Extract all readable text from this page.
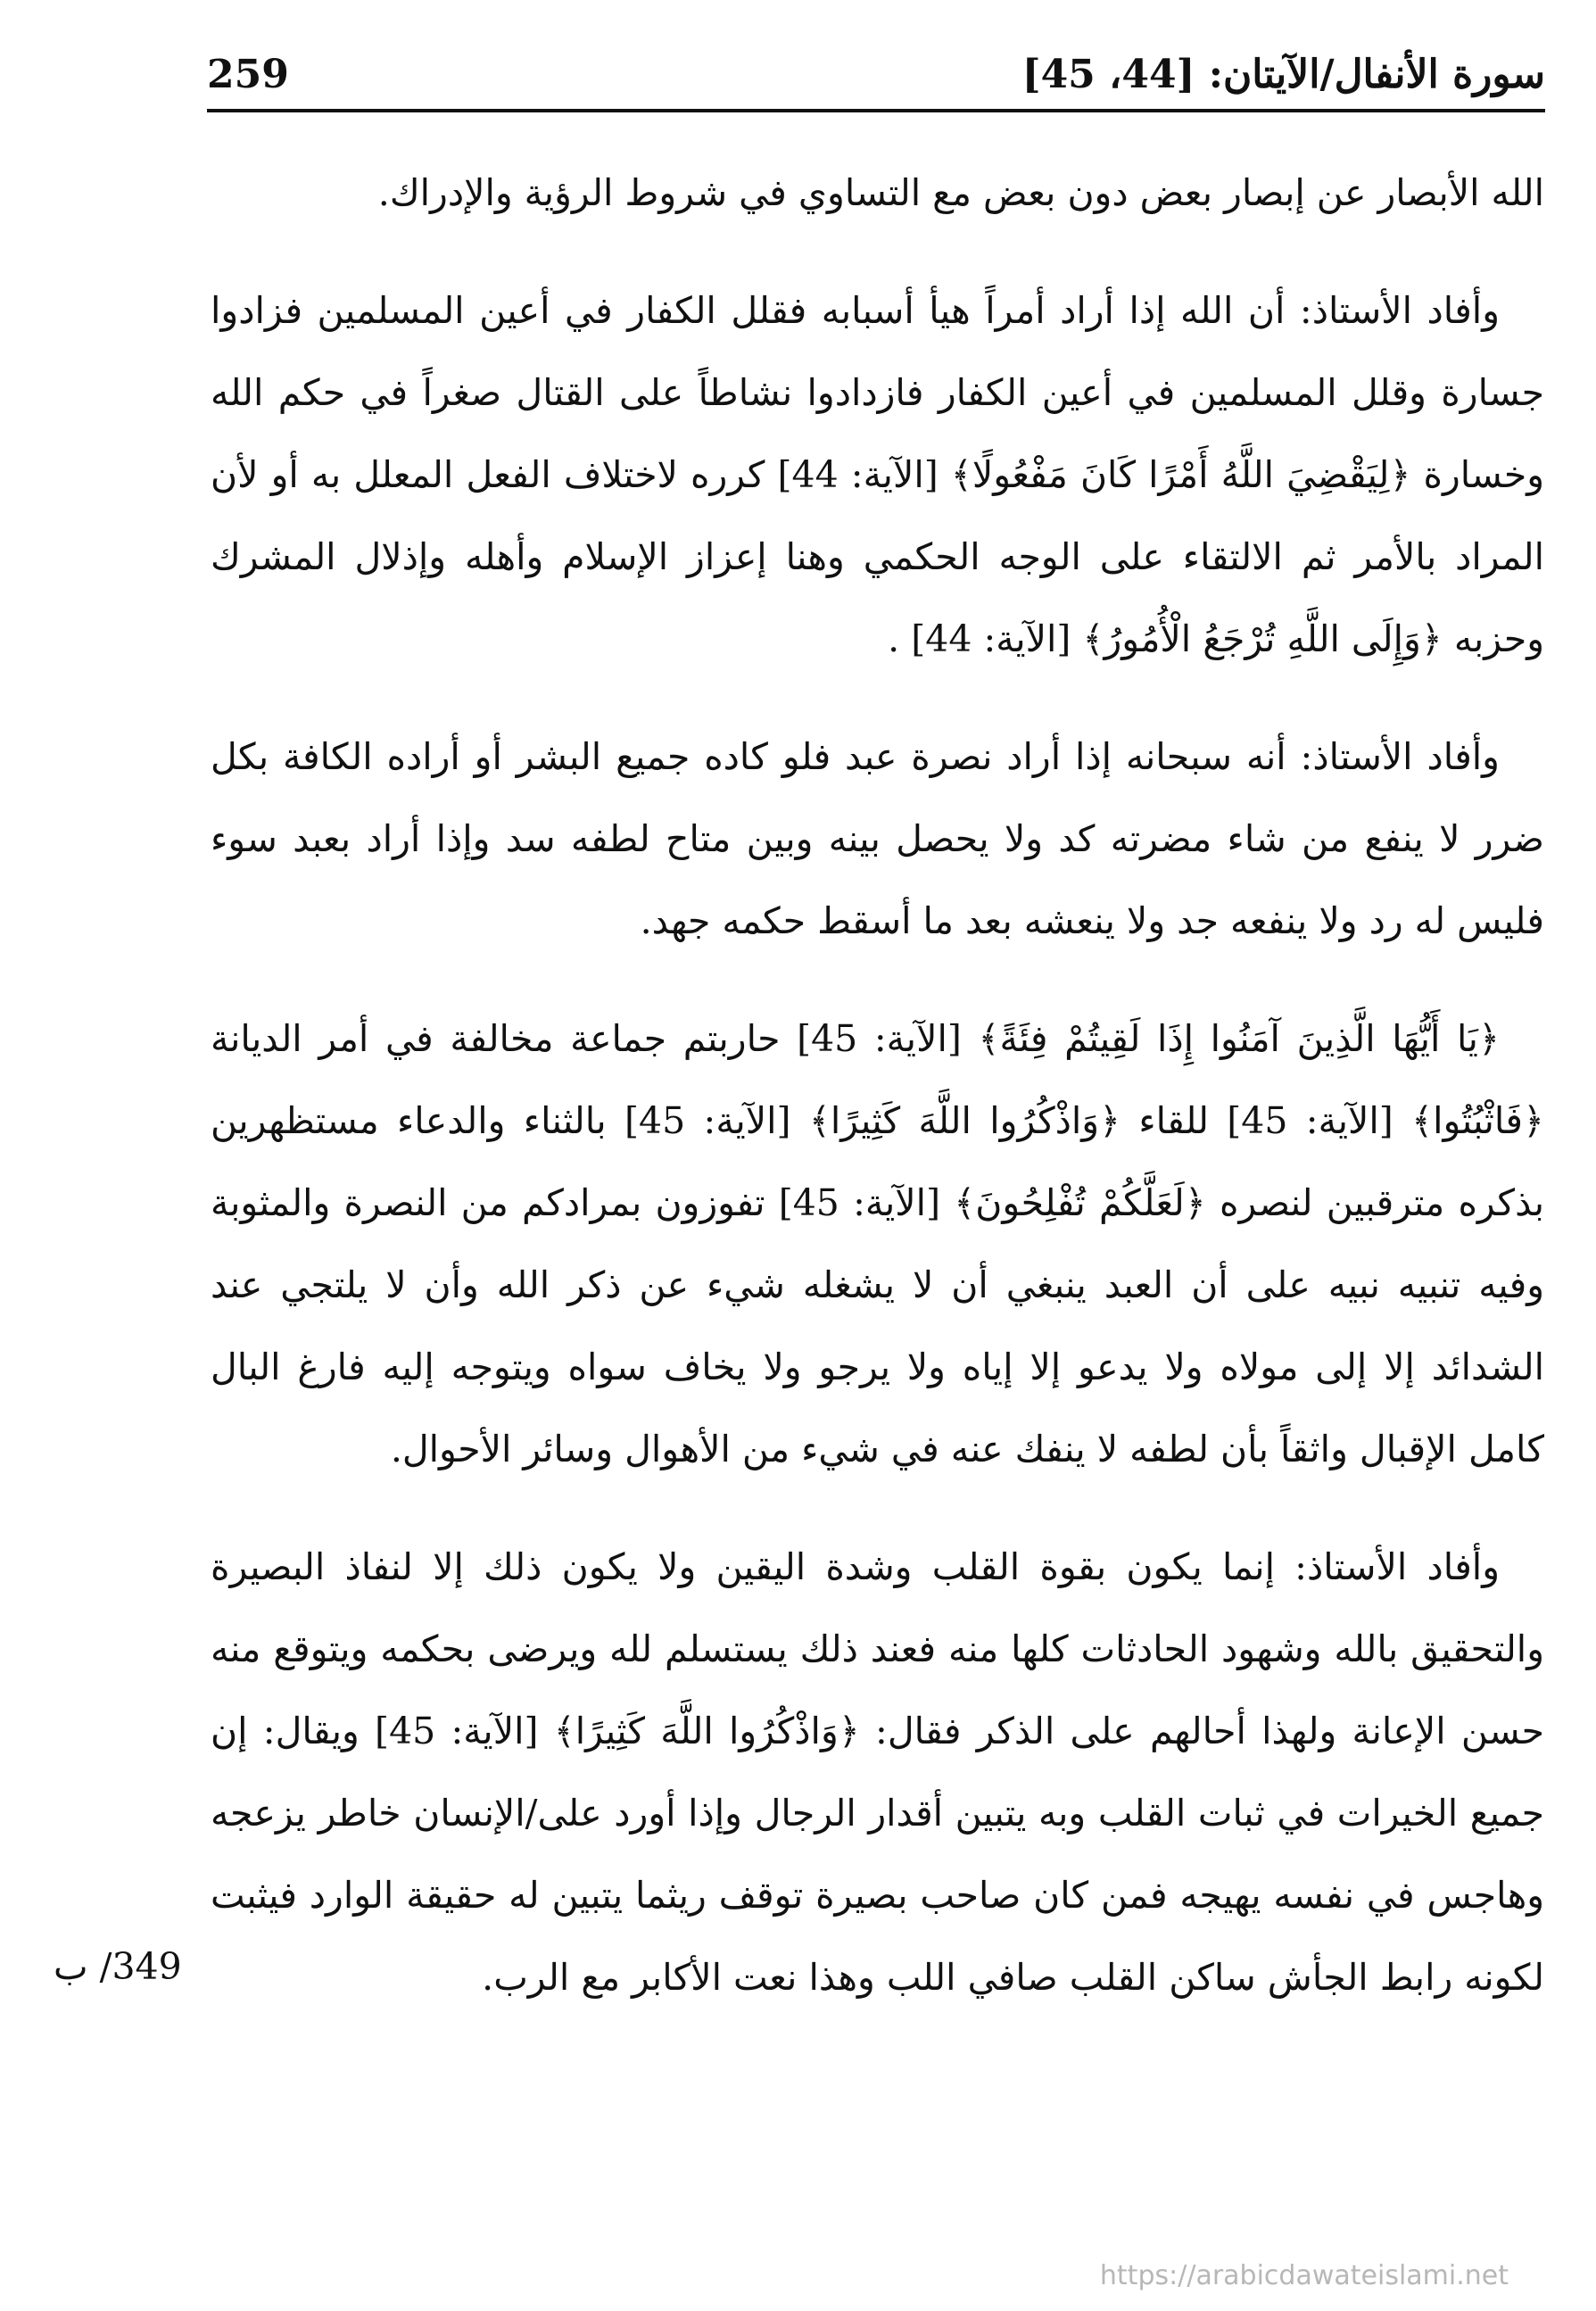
سورة الأنفال/الآيتان: [44، 45]
259

الله الأبصار عن إبصار بعض دون بعض مع التساوي في شروط الرؤية والإدراك.

وأفاد الأستاذ: أن الله إذا أراد أمراً هيأ أسبابه فقلل الكفار في أعين المسلمين فزادوا جسارة وقلل المسلمين في أعين الكفار فازدادوا نشاطاً على القتال صغراً في حكم الله وخسارة ﴿لِيَقْضِيَ اللَّهُ أَمْرًا كَانَ مَفْعُولًا﴾ [الآية: 44] كرره لاختلاف الفعل المعلل به أو لأن المراد بالأمر ثم الالتقاء على الوجه الحكمي وهنا إعزاز الإسلام وأهله وإذلال المشرك وحزبه ﴿وَإِلَى اللَّهِ تُرْجَعُ الْأُمُورُ﴾ [الآية: 44] .

وأفاد الأستاذ: أنه سبحانه إذا أراد نصرة عبد فلو كاده جميع البشر أو أراده الكافة بكل ضرر لا ينفع من شاء مضرته كد ولا يحصل بينه وبين متاح لطفه سد وإذا أراد بعبد سوء فليس له رد ولا ينفعه جد ولا ينعشه بعد ما أسقط حكمه جهد.

﴿يَا أَيُّهَا الَّذِينَ آمَنُوا إِذَا لَقِيتُمْ فِئَةً﴾ [الآية: 45] حاربتم جماعة مخالفة في أمر الديانة ﴿فَاثْبُتُوا﴾ [الآية: 45] للقاء ﴿وَاذْكُرُوا اللَّهَ كَثِيرًا﴾ [الآية: 45] بالثناء والدعاء مستظهرين بذكره مترقبين لنصره ﴿لَعَلَّكُمْ تُفْلِحُونَ﴾ [الآية: 45] تفوزون بمرادكم من النصرة والمثوبة وفيه تنبيه نبيه على أن العبد ينبغي أن لا يشغله شيء عن ذكر الله وأن لا يلتجي عند الشدائد إلا إلى مولاه ولا يدعو إلا إياه ولا يرجو ولا يخاف سواه ويتوجه إليه فارغ البال كامل الإقبال واثقاً بأن لطفه لا ينفك عنه في شيء من الأهوال وسائر الأحوال.

وأفاد الأستاذ: إنما يكون بقوة القلب وشدة اليقين ولا يكون ذلك إلا لنفاذ البصيرة والتحقيق بالله وشهود الحادثات كلها منه فعند ذلك يستسلم لله ويرضى بحكمه ويتوقع منه حسن الإعانة ولهذا أحالهم على الذكر فقال: ﴿وَاذْكُرُوا اللَّهَ كَثِيرًا﴾ [الآية: 45] ويقال: إن جميع الخيرات في ثبات القلب وبه يتبين أقدار الرجال وإذا أورد على/الإنسان خاطر يزعجه وهاجس في نفسه يهيجه فمن كان صاحب بصيرة توقف ريثما يتبين له حقيقة الوارد فيثبت لكونه رابط الجأش ساكن القلب صافي اللب وهذا نعت الأكابر مع الرب.

349/ ب
https://arabicdawateislami.net
